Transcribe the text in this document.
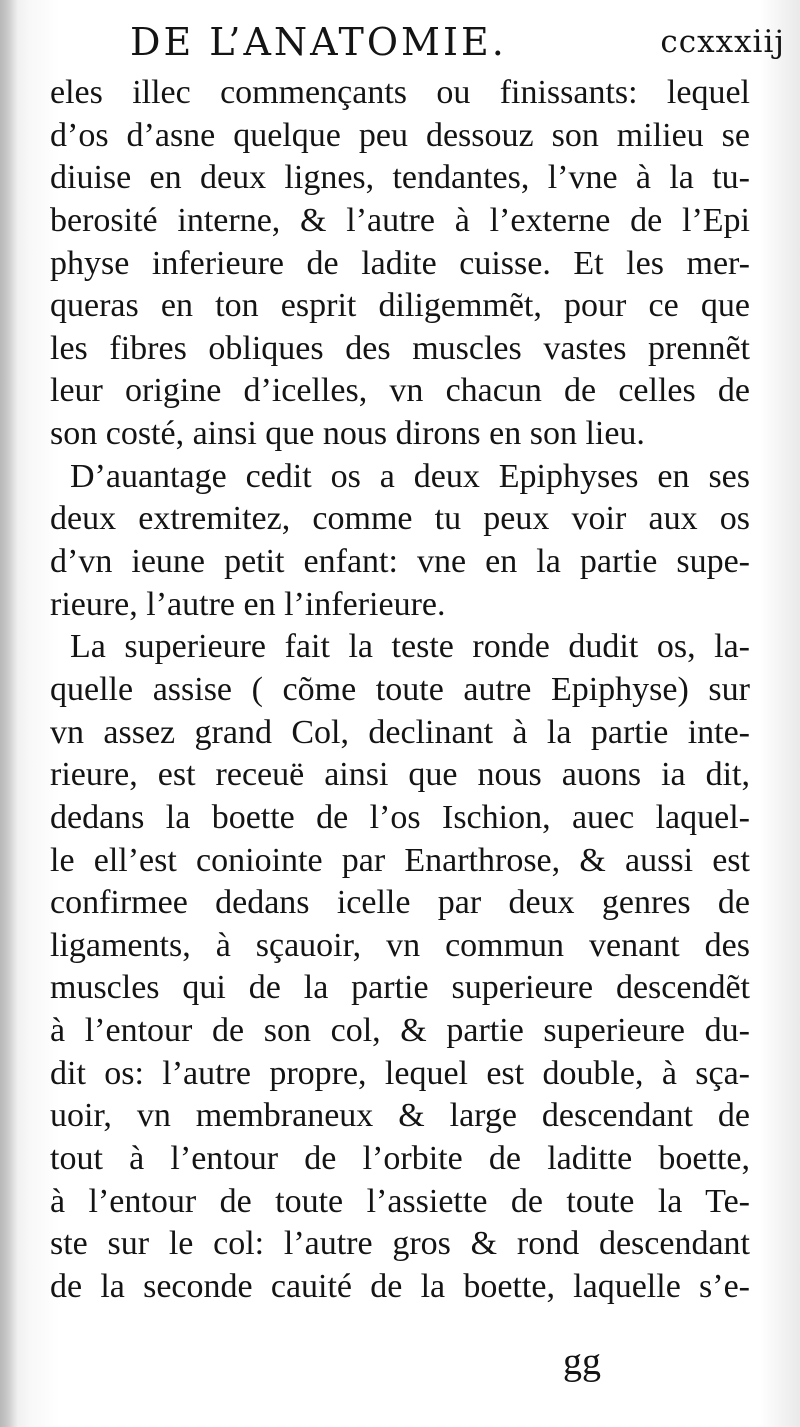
DE L’ANATOMIE.	ccxxxiij
eles illec commençants ou finissants: lequel
d’os d’asne quelque peu dessouz son milieu se
diuise en deux lignes, tendantes, l’vne à la tu-
berosité interne, & l’autre à l’externe de l’Epi
physe inferieure de ladite cuisse. Et les mer-
queras en ton esprit diligemmẽt, pour ce que
les fibres obliques des muscles vastes prennẽt
leur origine d’icelles, vn chacun de celles de
son costé, ainsi que nous dirons en son lieu.
D’auantage cedit os a deux Epiphyses en ses
deux extremitez, comme tu peux voir aux os
d’vn ieune petit enfant: vne en la partie supe-
rieure, l’autre en l’inferieure.
La superieure fait la teste ronde dudit os, la-
quelle assise ( cõme toute autre Epiphyse) sur
vn assez grand Col, declinant à la partie inte-
rieure, est receuë ainsi que nous auons ia dit,
dedans la boette de l’os Ischion, auec laquel-
le ell’est coniointe par Enarthrose, & aussi est
confirmee dedans icelle par deux genres de
ligaments, à sçauoir, vn commun venant des
muscles qui de la partie superieure descendẽt
à l’entour de son col, & partie superieure du-
dit os: l’autre propre, lequel est double, à sça-
uoir, vn membraneux & large descendant de
tout à l’entour de l’orbite de laditte boette,
à l’entour de toute l’assiette de toute la Te-
ste sur le col: l’autre gros & rond descendant
de la seconde cauité de la boette, laquelle s’e-
gg
